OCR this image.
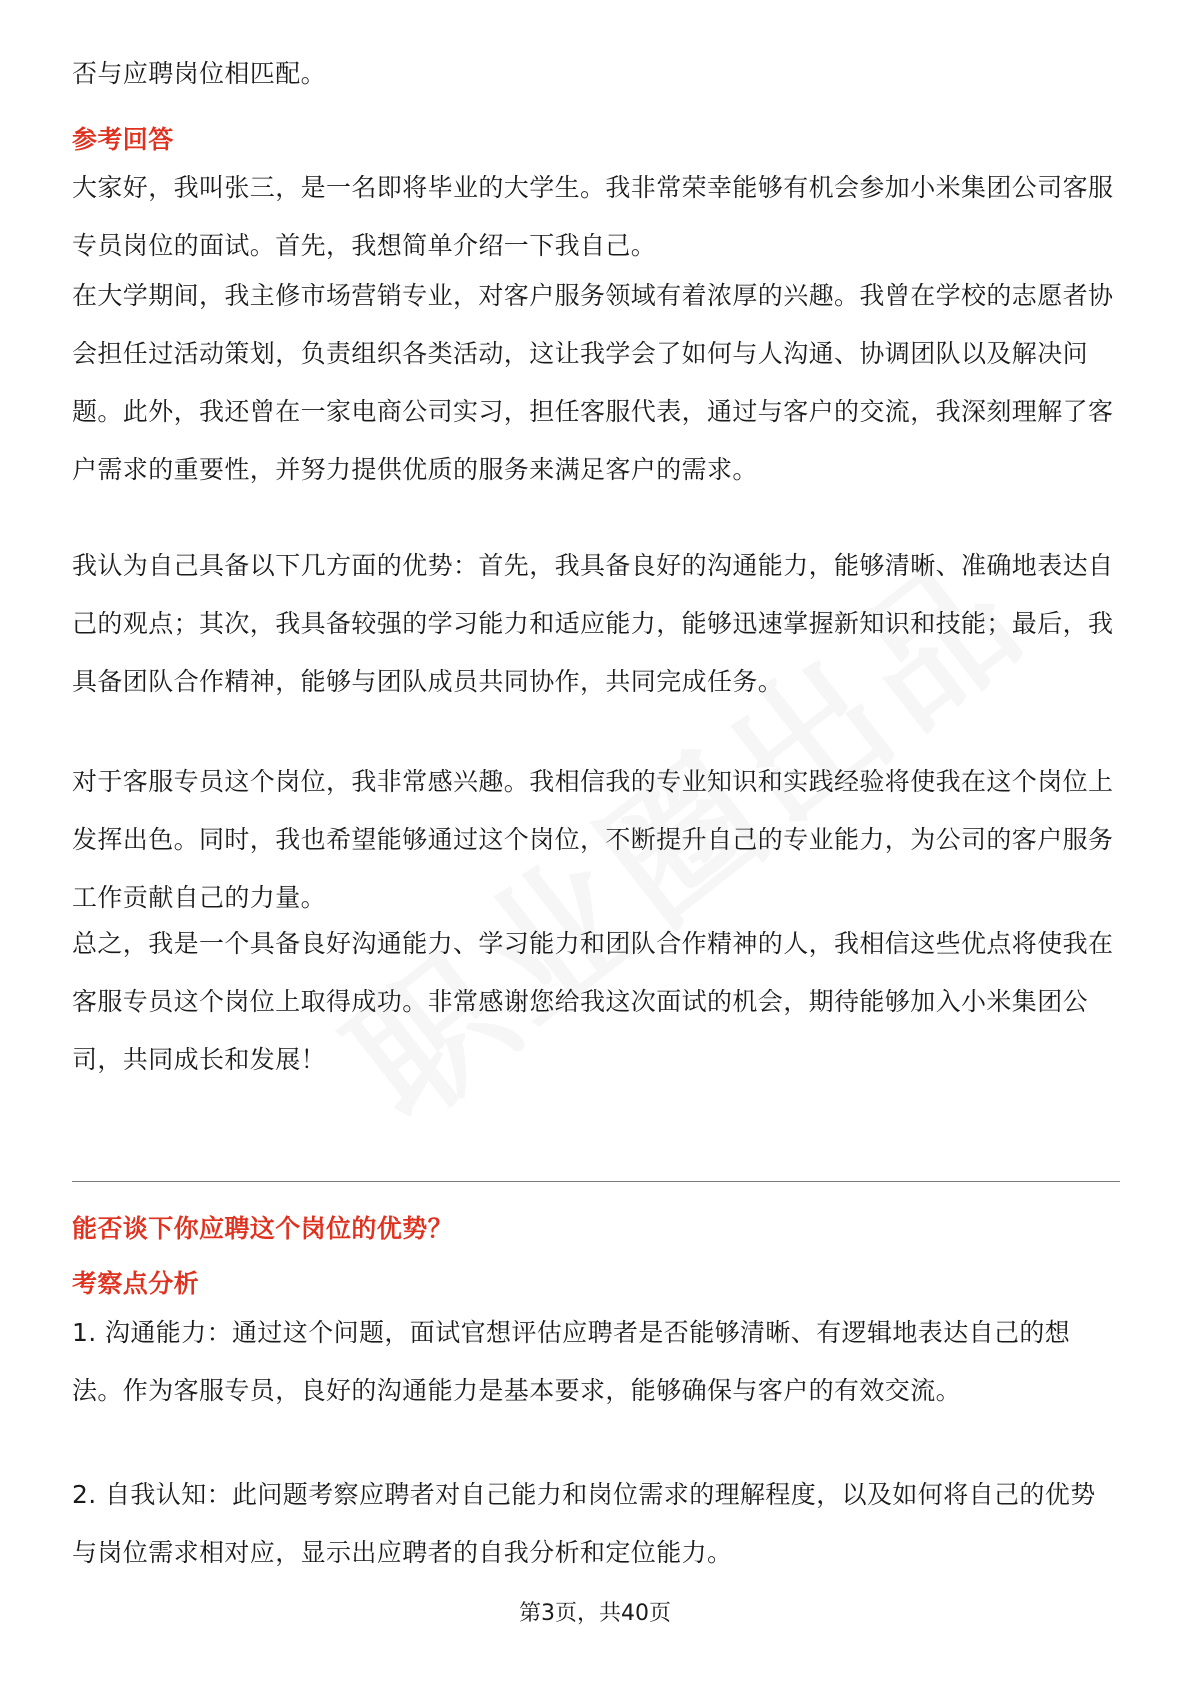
否与应聘岗位相匹配。

参考回答

大家好，我叫张三，是一名即将毕业的大学生。我非常荣幸能够有机会参加小米集团公司客服专员岗位的面试。首先，我想简单介绍一下我自己。

在大学期间，我主修市场营销专业，对客户服务领域有着浓厚的兴趣。我曾在学校的志愿者协会担任过活动策划，负责组织各类活动，这让我学会了如何与人沟通、协调团队以及解决问题。此外，我还曾在一家电商公司实习，担任客服代表，通过与客户的交流，我深刻理解了客户需求的重要性，并努力提供优质的服务来满足客户的需求。

我认为自己具备以下几方面的优势：首先，我具备良好的沟通能力，能够清晰、准确地表达自己的观点；其次，我具备较强的学习能力和适应能力，能够迅速掌握新知识和技能；最后，我具备团队合作精神，能够与团队成员共同协作，共同完成任务。

对于客服专员这个岗位，我非常感兴趣。我相信我的专业知识和实践经验将使我在这个岗位上发挥出色。同时，我也希望能够通过这个岗位，不断提升自己的专业能力，为公司的客户服务工作贡献自己的力量。

总之，我是一个具备良好沟通能力、学习能力和团队合作精神的人，我相信这些优点将使我在客服专员这个岗位上取得成功。非常感谢您给我这次面试的机会，期待能够加入小米集团公司，共同成长和发展！

能否谈下你应聘这个岗位的优势？

考察点分析

1. 沟通能力：通过这个问题，面试官想评估应聘者是否能够清晰、有逻辑地表达自己的想法。作为客服专员，良好的沟通能力是基本要求，能够确保与客户的有效交流。

2. 自我认知：此问题考察应聘者对自己能力和岗位需求的理解程度，以及如何将自己的优势与岗位需求相对应，显示出应聘者的自我分析和定位能力。

第3页，共40页
